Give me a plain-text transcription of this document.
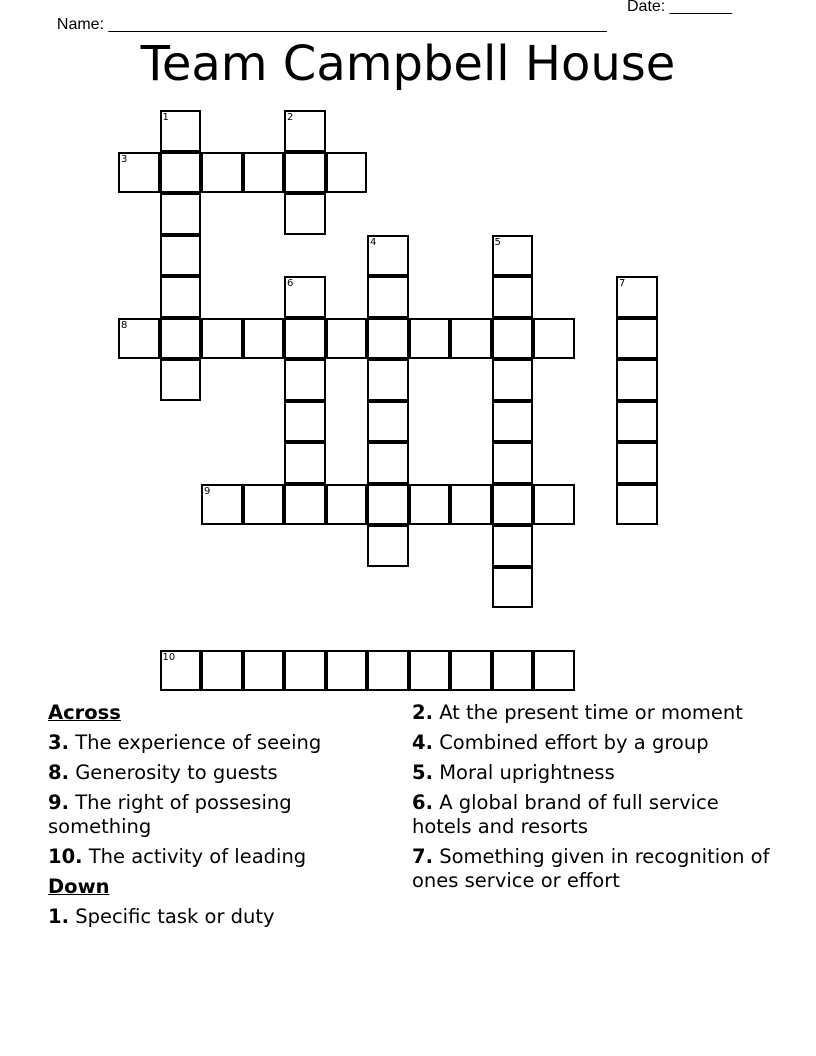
Name: ________________________________________________________

Date: _______

Team Campbell House
1	2
3
4	5
6	7
8
9
10
Across
3. The experience of seeing
8. Generosity to guests
9. The right of possesing something
10. The activity of leading
Down
1. Specific task or duty
2. At the present time or moment
4. Combined effort by a group
5. Moral uprightness
6. A global brand of full service hotels and resorts
7. Something given in recognition of ones service or effort
